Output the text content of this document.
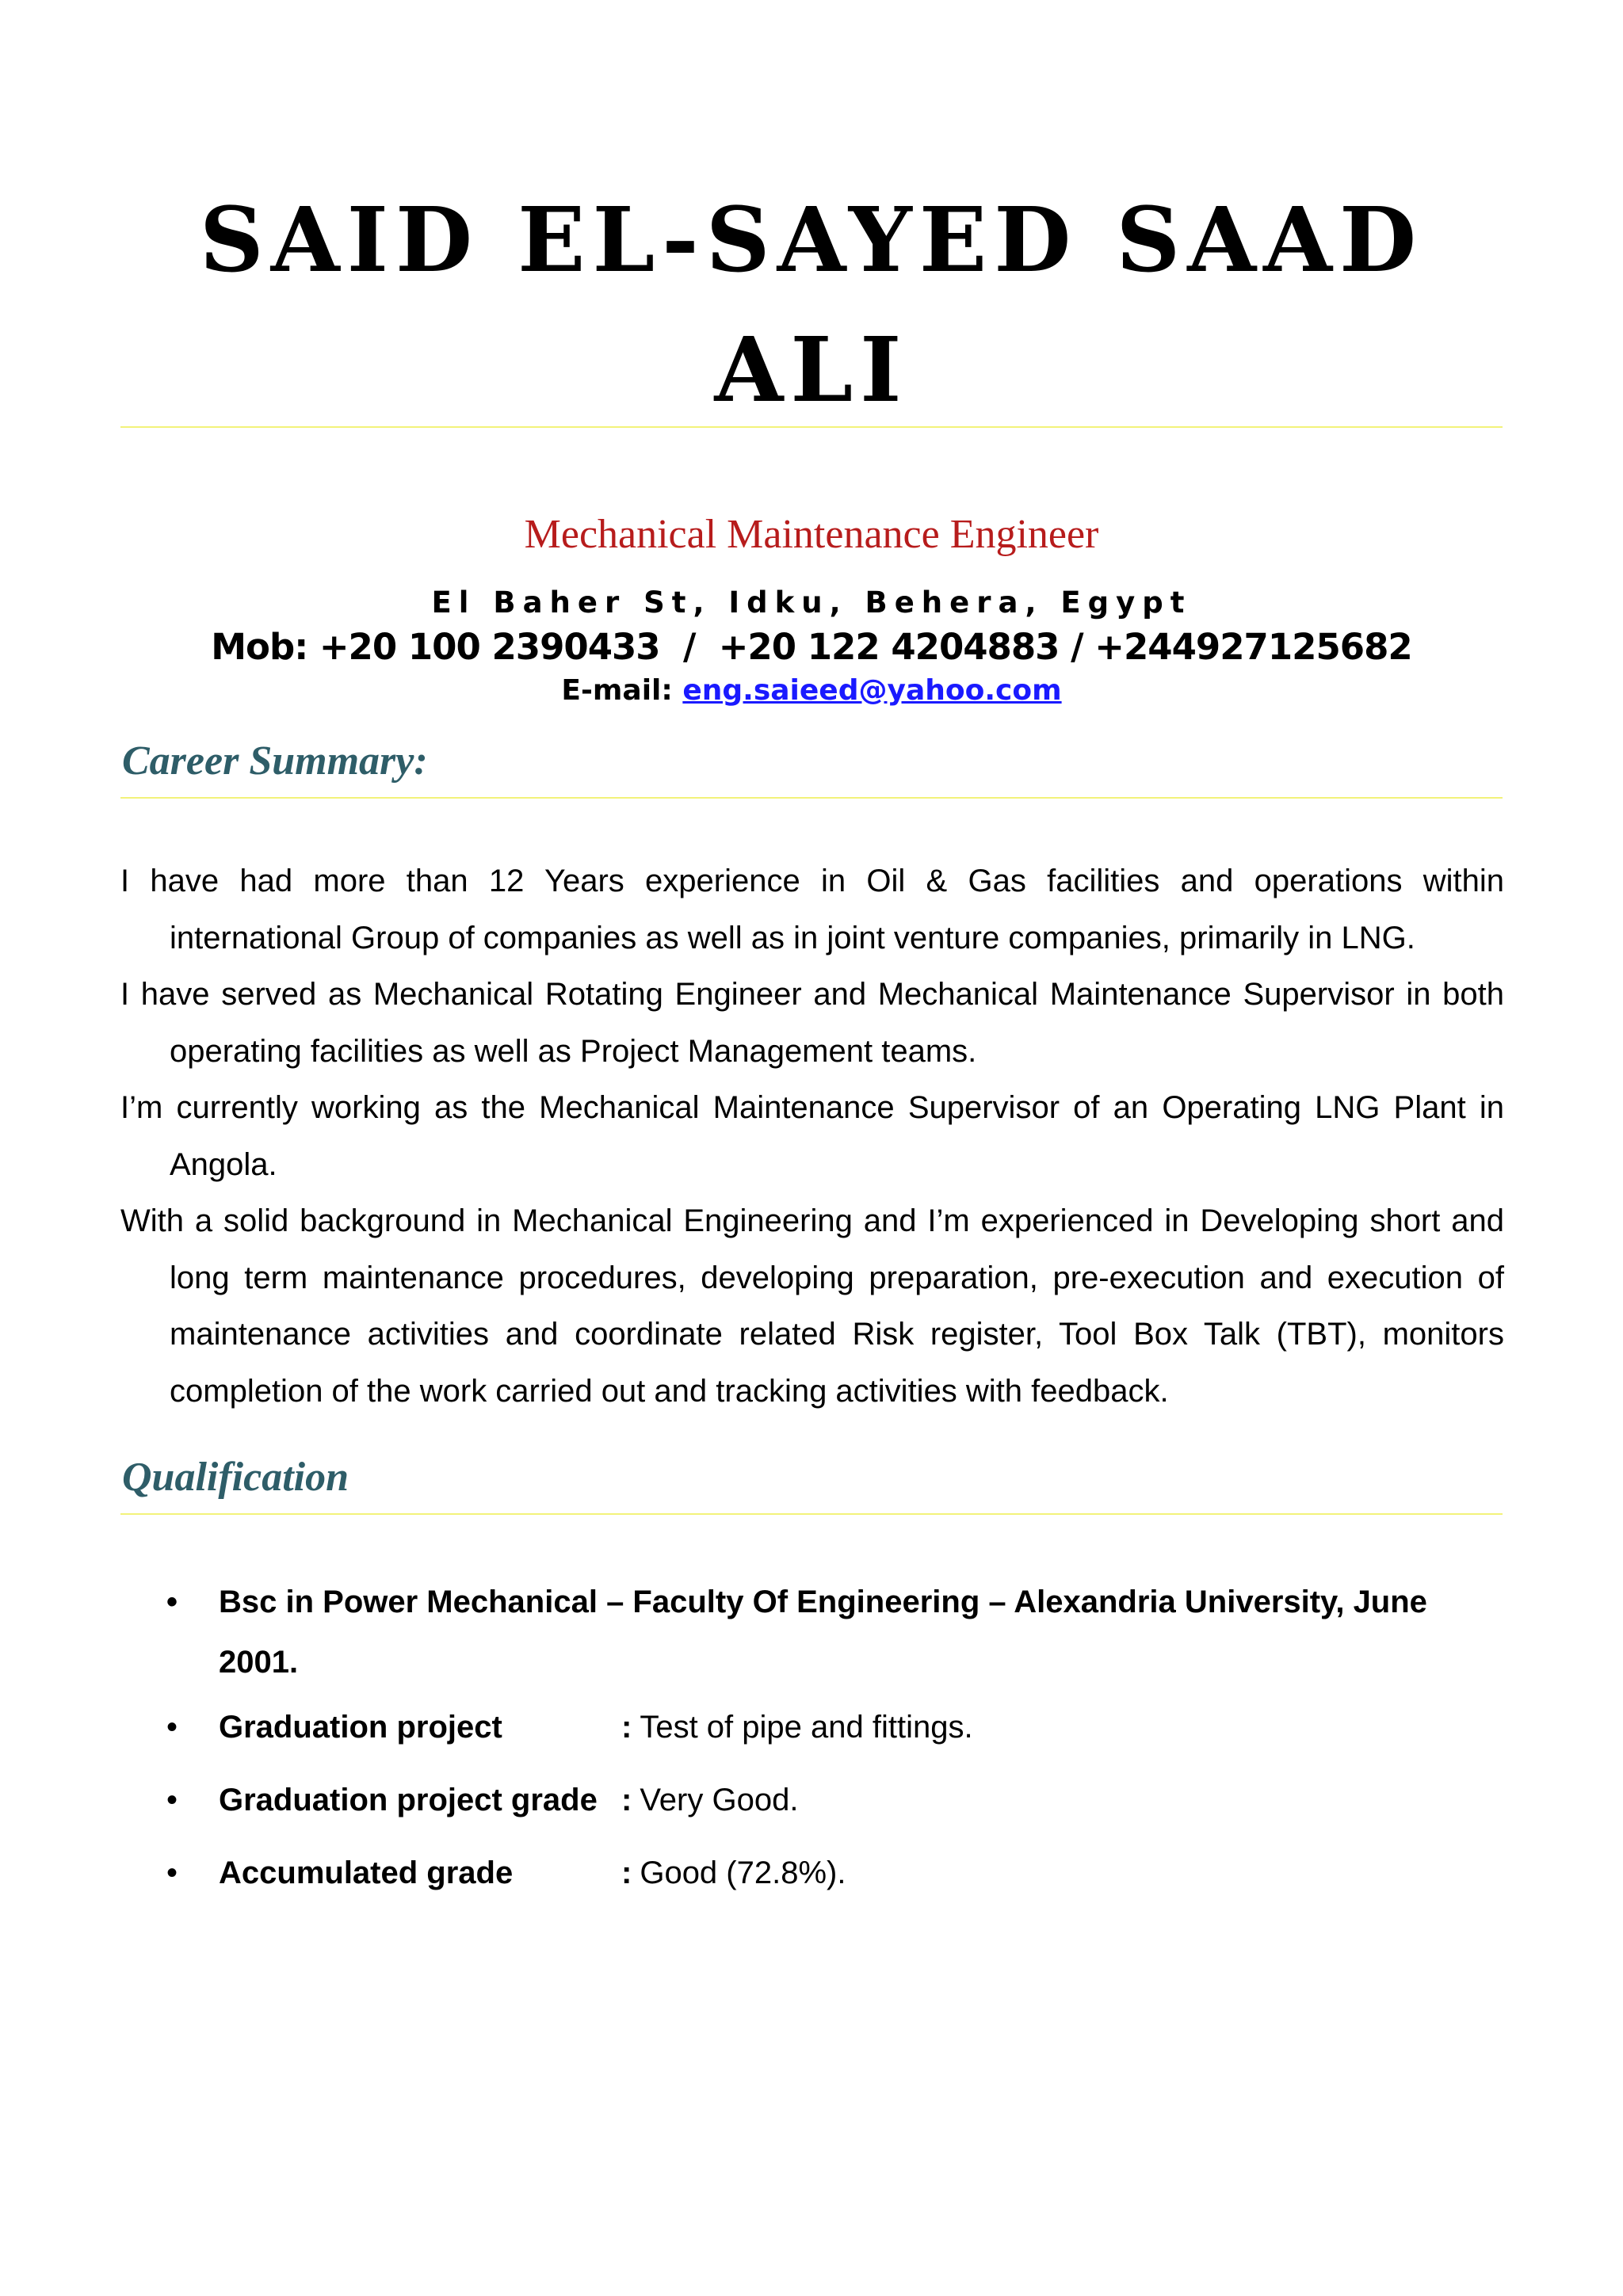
SAID EL-SAYED SAAD ALI
Mechanical Maintenance Engineer
El Baher St, Idku, Behera, Egypt
Mob: +20 100 2390433  /  +20 122 4204883 / +244927125682
E-mail: eng.saieed@yahoo.com
Career Summary:

I have had more than 12 Years experience in Oil & Gas facilities and operations within international Group of companies as well as in joint venture companies, primarily in LNG.

I have served as Mechanical Rotating Engineer and Mechanical Maintenance Supervisor in both operating facilities as well as Project Management teams.

I’m currently working as the Mechanical Maintenance Supervisor of an Operating LNG Plant in Angola.

With a solid background in Mechanical Engineering and I’m experienced in Developing short and long term maintenance procedures, developing preparation, pre-execution and execution of maintenance activities and coordinate related Risk register, Tool Box Talk (TBT), monitors completion of the work carried out and tracking activities with feedback.

Qualification
• Bsc in Power Mechanical – Faculty Of Engineering – Alexandria University, June 2001.
• Graduation project	: Test of pipe and fittings.
• Graduation project grade : Very Good.
• Accumulated grade	: Good (72.8%).
